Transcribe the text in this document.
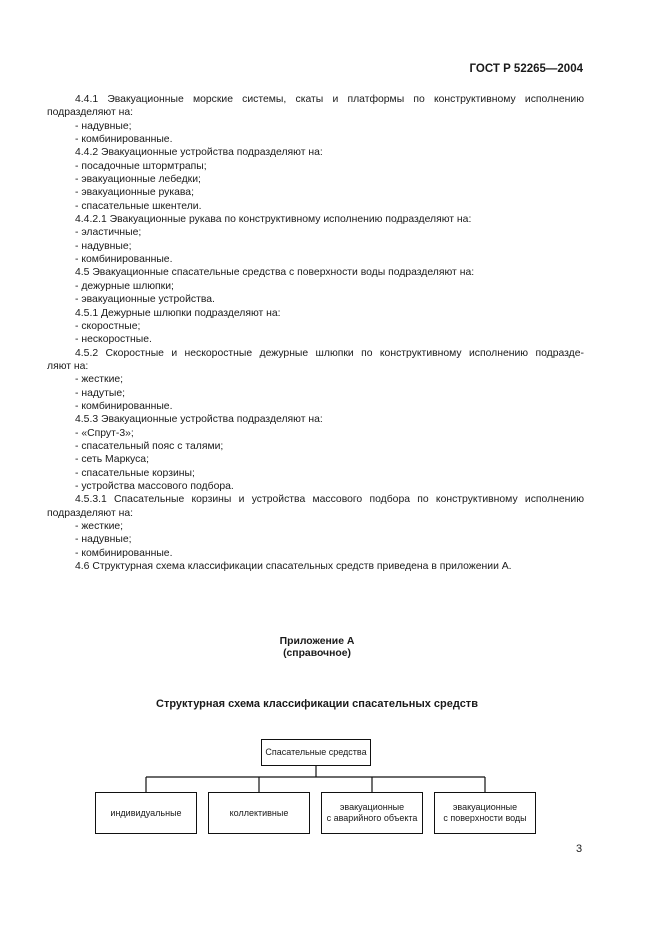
ГОСТ Р 52265—2004
4.4.1 Эвакуационные морские системы, скаты и платформы по конструктивному исполнению
подразделяют на:
- надувные;
- комбинированные.
4.4.2 Эвакуационные устройства подразделяют на:
- посадочные штормтрапы;
- эвакуационные лебедки;
- эвакуационные рукава;
- спасательные шкентели.
4.4.2.1 Эвакуационные рукава по конструктивному исполнению подразделяют на:
- эластичные;
- надувные;
- комбинированные.
4.5 Эвакуационные спасательные средства с поверхности воды подразделяют на:
- дежурные шлюпки;
- эвакуационные устройства.
4.5.1 Дежурные шлюпки подразделяют на:
- скоростные;
- нескоростные.
4.5.2 Скоростные и нескоростные дежурные шлюпки по конструктивному исполнению подразде-
ляют на:
- жесткие;
- надутые;
- комбинированные.
4.5.3 Эвакуационные устройства подразделяют на:
- «Спрут-3»;
- спасательный пояс с талями;
- сеть Маркуса;
- спасательные корзины;
- устройства массового подбора.
4.5.3.1 Спасательные корзины и устройства массового подбора по конструктивному исполнению
подразделяют на:
- жесткие;
- надувные;
- комбинированные.
4.6 Структурная схема классификации спасательных средств приведена в приложении А.
Приложение А
(справочное)
Структурная схема классификации спасательных средств
Спасательные средства
индивидуальные	коллективные
эвакуационные
с аварийного объекта
эвакуационные
с поверхности воды
3
